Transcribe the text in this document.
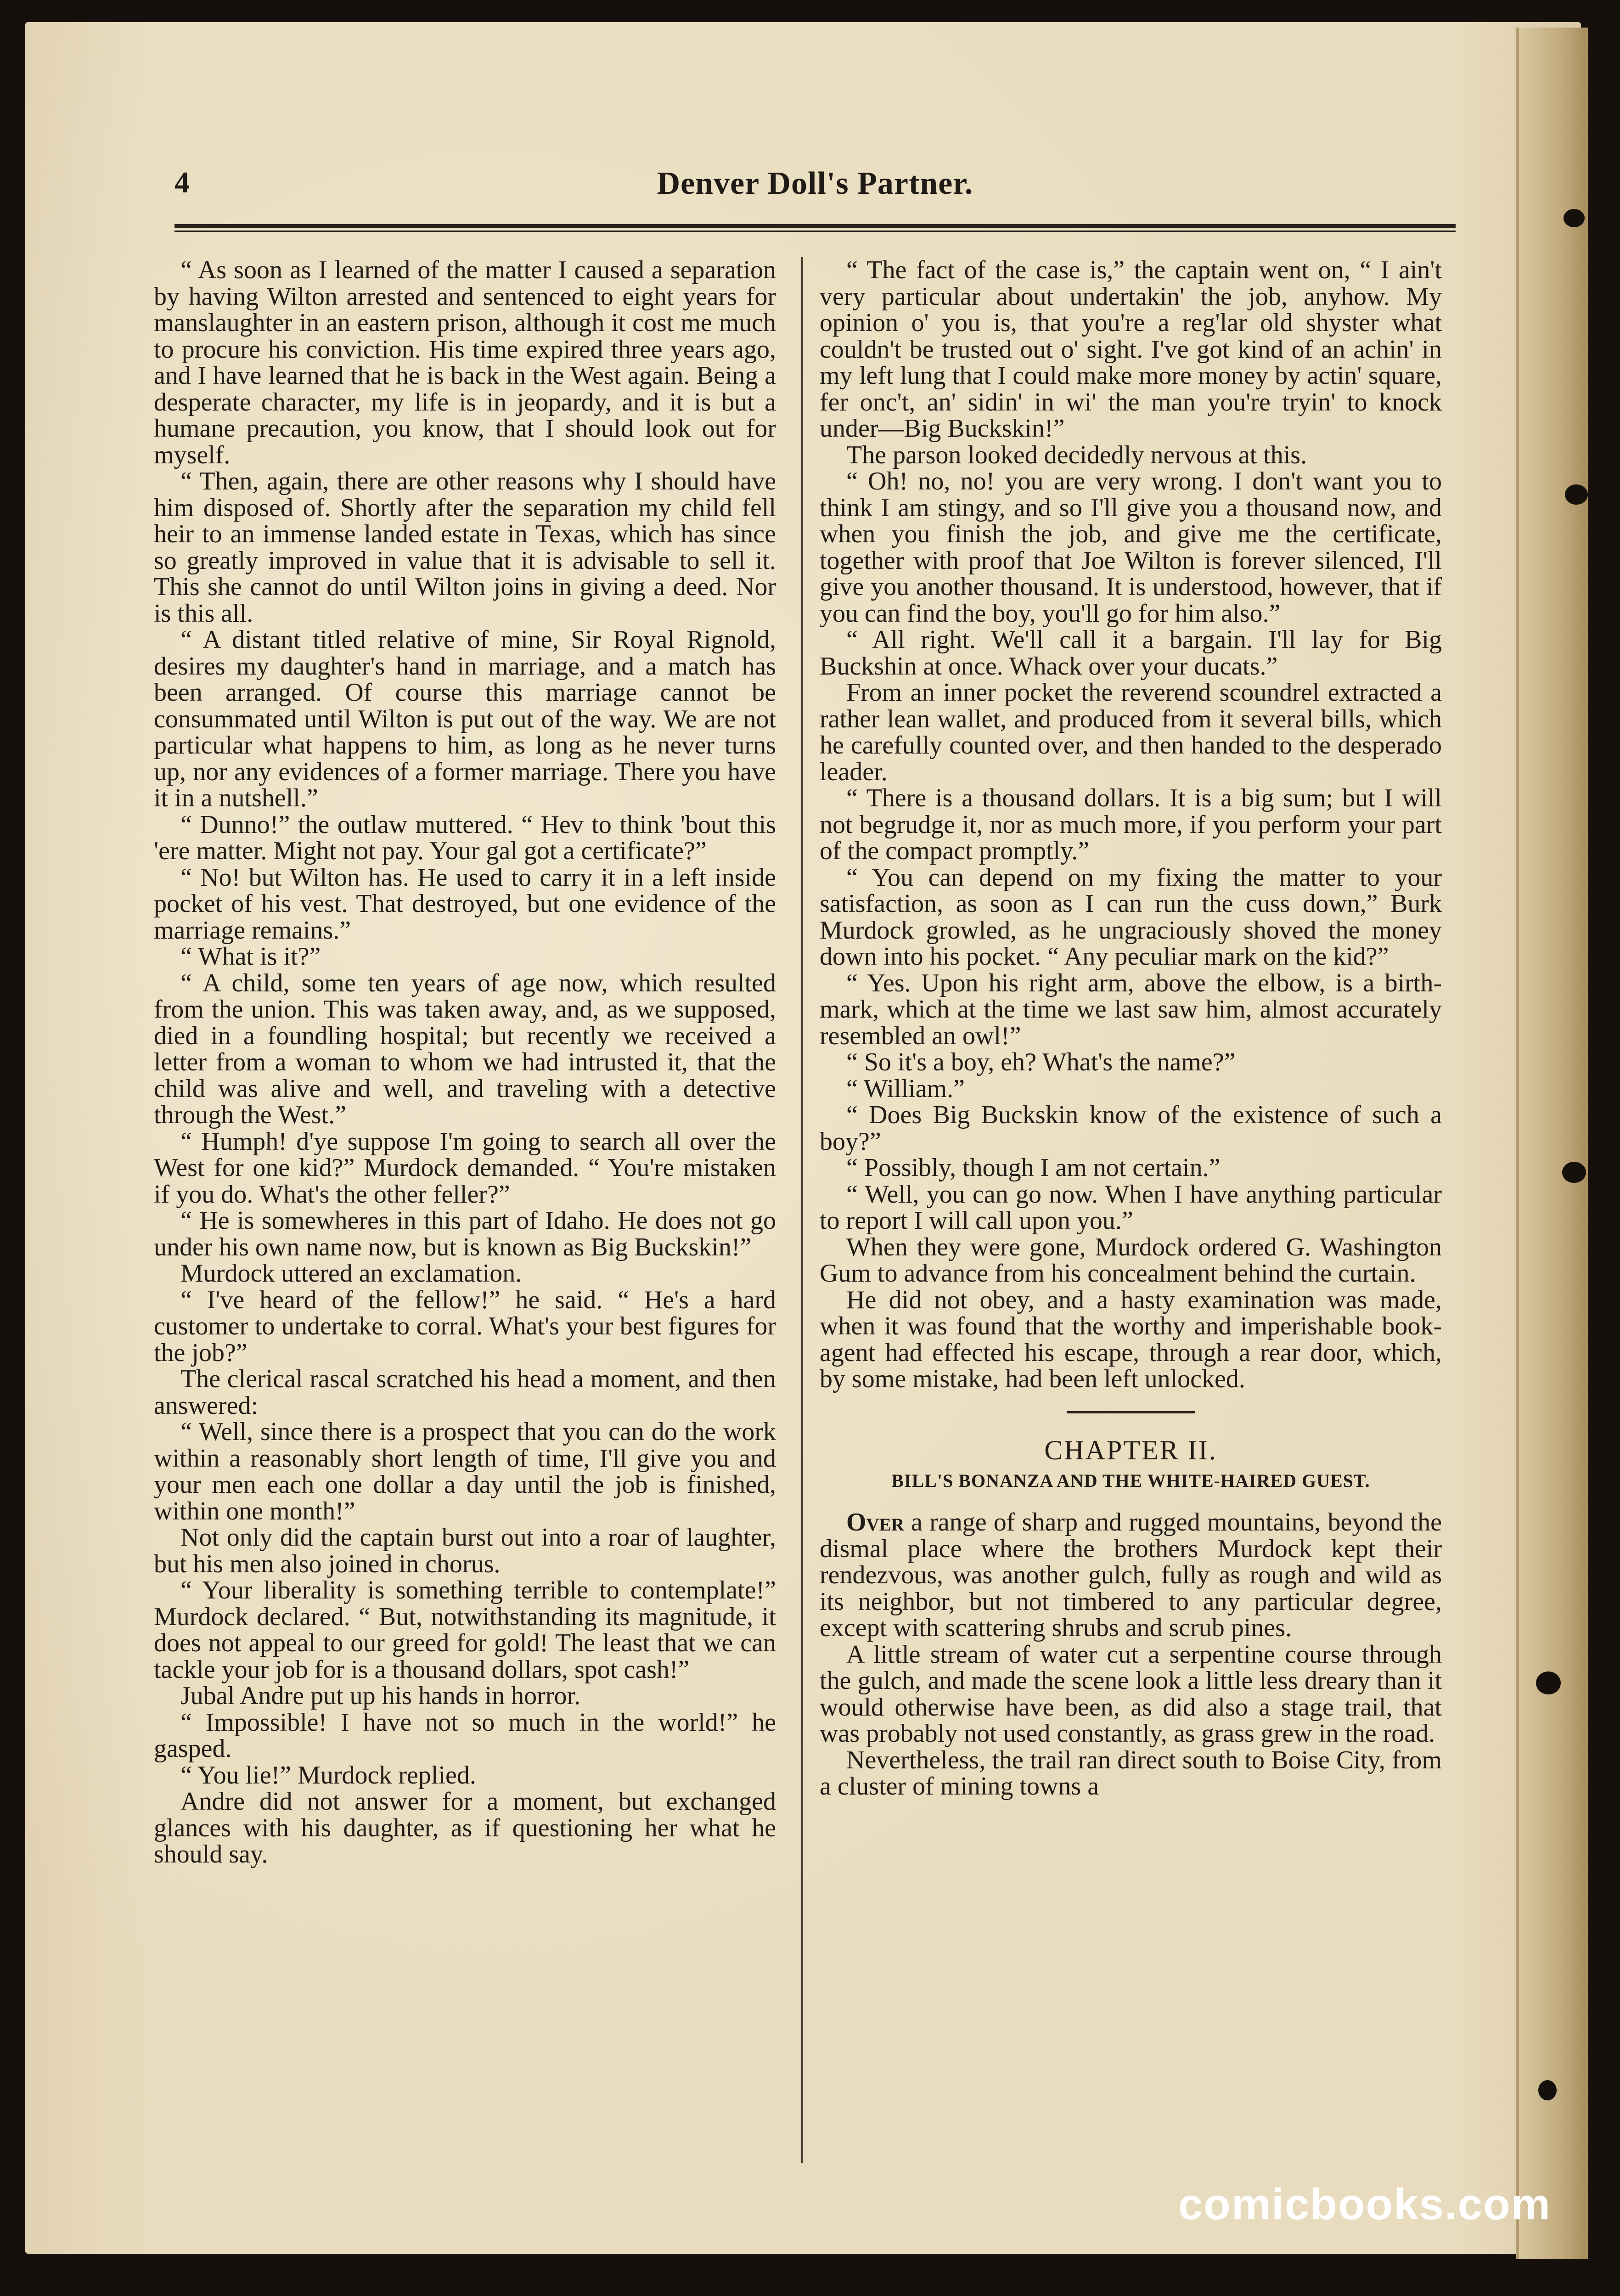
4	Denver Doll's Partner.

“ As soon as I learned of the matter I caused a separation by having Wilton arrested and sentenced to eight years for manslaughter in an eastern prison, although it cost me much to procure his conviction. His time expired three years ago, and I have learned that he is back in the West again. Being a desperate character, my life is in jeopardy, and it is but a humane precaution, you know, that I should look out for myself.

“ Then, again, there are other reasons why I should have him disposed of. Shortly after the separation my child fell heir to an immense landed estate in Texas, which has since so greatly improved in value that it is advisable to sell it. This she cannot do until Wilton joins in giving a deed. Nor is this all.

“ A distant titled relative of mine, Sir Royal Rignold, desires my daughter's hand in marriage, and a match has been arranged. Of course this marriage cannot be consummated until Wilton is put out of the way. We are not particular what happens to him, as long as he never turns up, nor any evidences of a former marriage. There you have it in a nutshell.”

“ Dunno!” the outlaw muttered. “ Hev to think 'bout this 'ere matter. Might not pay. Your gal got a certificate?”

“ No! but Wilton has. He used to carry it in a left inside pocket of his vest. That destroyed, but one evidence of the marriage remains.”

“ What is it?”

“ A child, some ten years of age now, which resulted from the union. This was taken away, and, as we supposed, died in a foundling hospital; but recently we received a letter from a woman to whom we had intrusted it, that the child was alive and well, and traveling with a detective through the West.”

“ Humph! d'ye suppose I'm going to search all over the West for one kid?” Murdock demanded. “ You're mistaken if you do. What's the other feller?”

“ He is somewheres in this part of Idaho. He does not go under his own name now, but is known as Big Buckskin!”

Murdock uttered an exclamation.

“ I've heard of the fellow!” he said. “ He's a hard customer to undertake to corral. What's your best figures for the job?”

The clerical rascal scratched his head a moment, and then answered:

“ Well, since there is a prospect that you can do the work within a reasonably short length of time, I'll give you and your men each one dollar a day until the job is finished, within one month!”

Not only did the captain burst out into a roar of laughter, but his men also joined in chorus.

“ Your liberality is something terrible to contemplate!” Murdock declared. “ But, notwithstanding its magnitude, it does not appeal to our greed for gold! The least that we can tackle your job for is a thousand dollars, spot cash!”

Jubal Andre put up his hands in horror.

“ Impossible! I have not so much in the world!” he gasped.

“ You lie!” Murdock replied.

Andre did not answer for a moment, but exchanged glances with his daughter, as if questioning her what he should say.

“ The fact of the case is,” the captain went on, “ I ain't very particular about undertakin' the job, anyhow. My opinion o' you is, that you're a reg'lar old shyster what couldn't be trusted out o' sight. I've got kind of an achin' in my left lung that I could make more money by actin' square, fer onc't, an' sidin' in wi' the man you're tryin' to knock under—Big Buckskin!”

The parson looked decidedly nervous at this.

“ Oh! no, no! you are very wrong. I don't want you to think I am stingy, and so I'll give you a thousand now, and when you finish the job, and give me the certificate, together with proof that Joe Wilton is forever silenced, I'll give you another thousand. It is understood, however, that if you can find the boy, you'll go for him also.”

“ All right. We'll call it a bargain. I'll lay for Big Buckshin at once. Whack over your ducats.”

From an inner pocket the reverend scoundrel extracted a rather lean wallet, and produced from it several bills, which he carefully counted over, and then handed to the desperado leader.

“ There is a thousand dollars. It is a big sum; but I will not begrudge it, nor as much more, if you perform your part of the compact promptly.”

“ You can depend on my fixing the matter to your satisfaction, as soon as I can run the cuss down,” Burk Murdock growled, as he ungraciously shoved the money down into his pocket. “ Any peculiar mark on the kid?”

“ Yes. Upon his right arm, above the elbow, is a birth-mark, which at the time we last saw him, almost accurately resembled an owl!”

“ So it's a boy, eh? What's the name?”

“ William.”

“ Does Big Buckskin know of the existence of such a boy?”

“ Possibly, though I am not certain.”

“ Well, you can go now. When I have anything particular to report I will call upon you.”

When they were gone, Murdock ordered G. Washington Gum to advance from his concealment behind the curtain.

He did not obey, and a hasty examination was made, when it was found that the worthy and imperishable book-agent had effected his escape, through a rear door, which, by some mistake, had been left unlocked.

CHAPTER II.

BILL'S BONANZA AND THE WHITE-HAIRED GUEST.

Over a range of sharp and rugged mountains, beyond the dismal place where the brothers Murdock kept their rendezvous, was another gulch, fully as rough and wild as its neighbor, but not timbered to any particular degree, except with scattering shrubs and scrub pines.

A little stream of water cut a serpentine course through the gulch, and made the scene look a little less dreary than it would otherwise have been, as did also a stage trail, that was probably not used constantly, as grass grew in the road.

Nevertheless, the trail ran direct south to Boise City, from a cluster of mining towns a

comicbooks.com
